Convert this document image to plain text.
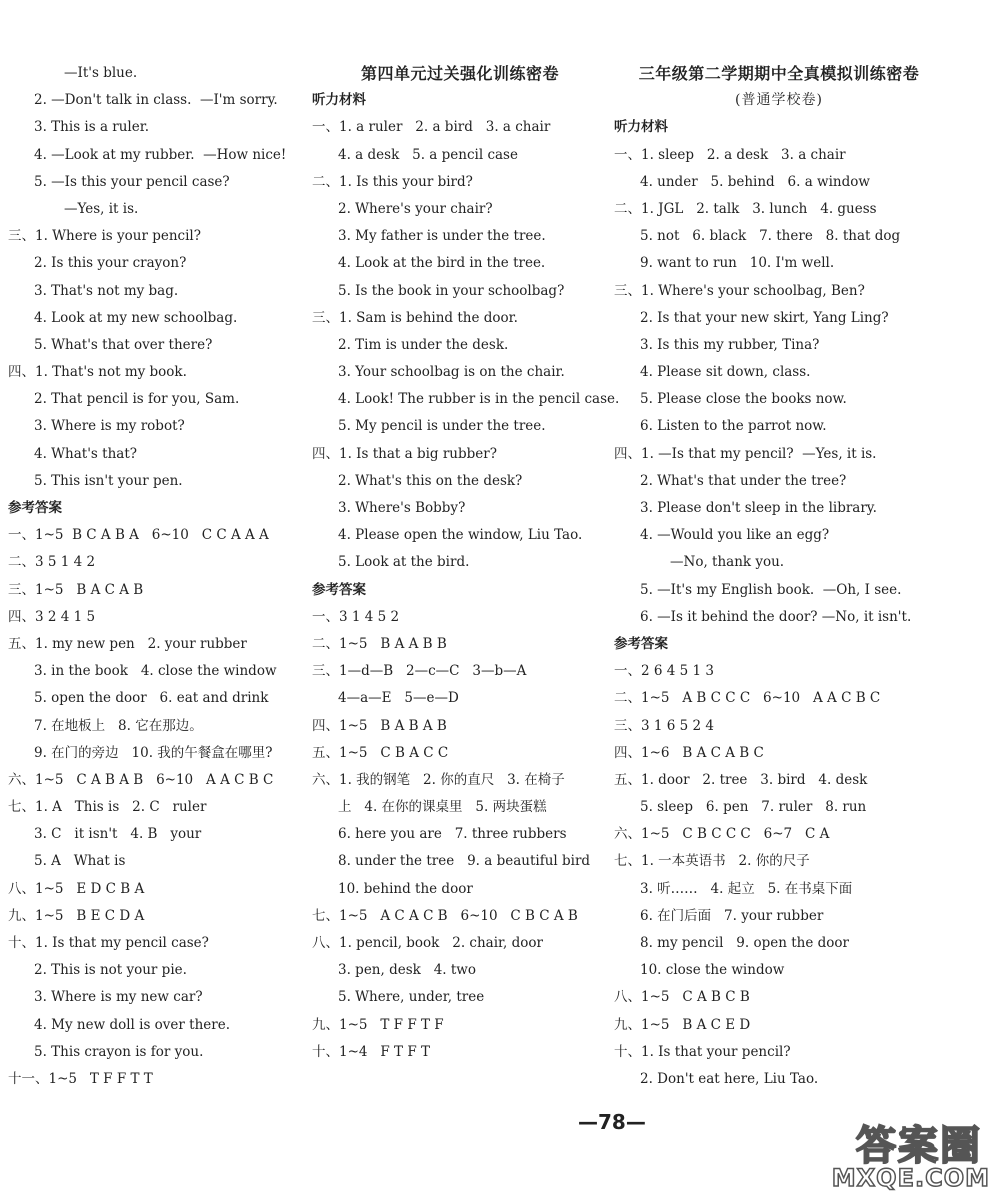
—It's blue.
2. —Don't talk in class.  —I'm sorry.
3. This is a ruler.
4. —Look at my rubber.  —How nice!
5. —Is this your pencil case?
—Yes, it is.
三、1. Where is your pencil?
2. Is this your crayon?
3. That's not my bag.
4. Look at my new schoolbag.
5. What's that over there?
四、1. That's not my book.
2. That pencil is for you, Sam.
3. Where is my robot?
4. What's that?
5. This isn't your pen.
参考答案
一、1~5  B C A B A   6~10   C C A A A
二、3 5 1 4 2
三、1~5   B A C A B
四、3 2 4 1 5
五、1. my new pen   2. your rubber
3. in the book   4. close the window
5. open the door   6. eat and drink
7. 在地板上   8. 它在那边。
9. 在门的旁边   10. 我的午餐盒在哪里?
六、1~5   C A B A B   6~10   A A C B C
七、1. A   This is   2. C   ruler
3. C   it isn't   4. B   your
5. A   What is
八、1~5   E D C B A
九、1~5   B E C D A
十、1. Is that my pencil case?
2. This is not your pie.
3. Where is my new car?
4. My new doll is over there.
5. This crayon is for you.
十一、1~5   T F F T T
第四单元过关强化训练密卷
听力材料
一、1. a ruler   2. a bird   3. a chair
4. a desk   5. a pencil case
二、1. Is this your bird?
2. Where's your chair?
3. My father is under the tree.
4. Look at the bird in the tree.
5. Is the book in your schoolbag?
三、1. Sam is behind the door.
2. Tim is under the desk.
3. Your schoolbag is on the chair.
4. Look! The rubber is in the pencil case.
5. My pencil is under the tree.
四、1. Is that a big rubber?
2. What's this on the desk?
3. Where's Bobby?
4. Please open the window, Liu Tao.
5. Look at the bird.
参考答案
一、3 1 4 5 2
二、1~5   B A A B B
三、1—d—B   2—c—C   3—b—A
4—a—E   5—e—D
四、1~5   B A B A B
五、1~5   C B A C C
六、1. 我的钢笔   2. 你的直尺   3. 在椅子
上   4. 在你的课桌里   5. 两块蛋糕
6. here you are   7. three rubbers
8. under the tree   9. a beautiful bird
10. behind the door
七、1~5   A C A C B   6~10   C B C A B
八、1. pencil, book   2. chair, door
3. pen, desk   4. two
5. Where, under, tree
九、1~5   T F F T F
十、1~4   F T F T
三年级第二学期期中全真模拟训练密卷
(普通学校卷)
听力材料
一、1. sleep   2. a desk   3. a chair
4. under   5. behind   6. a window
二、1. JGL   2. talk   3. lunch   4. guess
5. not   6. black   7. there   8. that dog
9. want to run   10. I'm well.
三、1. Where's your schoolbag, Ben?
2. Is that your new skirt, Yang Ling?
3. Is this my rubber, Tina?
4. Please sit down, class.
5. Please close the books now.
6. Listen to the parrot now.
四、1. —Is that my pencil?  —Yes, it is.
2. What's that under the tree?
3. Please don't sleep in the library.
4. —Would you like an egg?
—No, thank you.
5. —It's my English book.  —Oh, I see.
6. —Is it behind the door? —No, it isn't.
参考答案
一、2 6 4 5 1 3
二、1~5   A B C C C   6~10   A A C B C
三、3 1 6 5 2 4
四、1~6   B A C A B C
五、1. door   2. tree   3. bird   4. desk
5. sleep   6. pen   7. ruler   8. run
六、1~5   C B C C C   6~7   C A
七、1. 一本英语书   2. 你的尺子
3. 听……   4. 起立   5. 在书桌下面
6. 在门后面   7. your rubber
8. my pencil   9. open the door
10. close the window
八、1~5   C A B C B
九、1~5   B A C E D
十、1. Is that your pencil?
2. Don't eat here, Liu Tao.
—78—
答案圈
MXQE.COM
